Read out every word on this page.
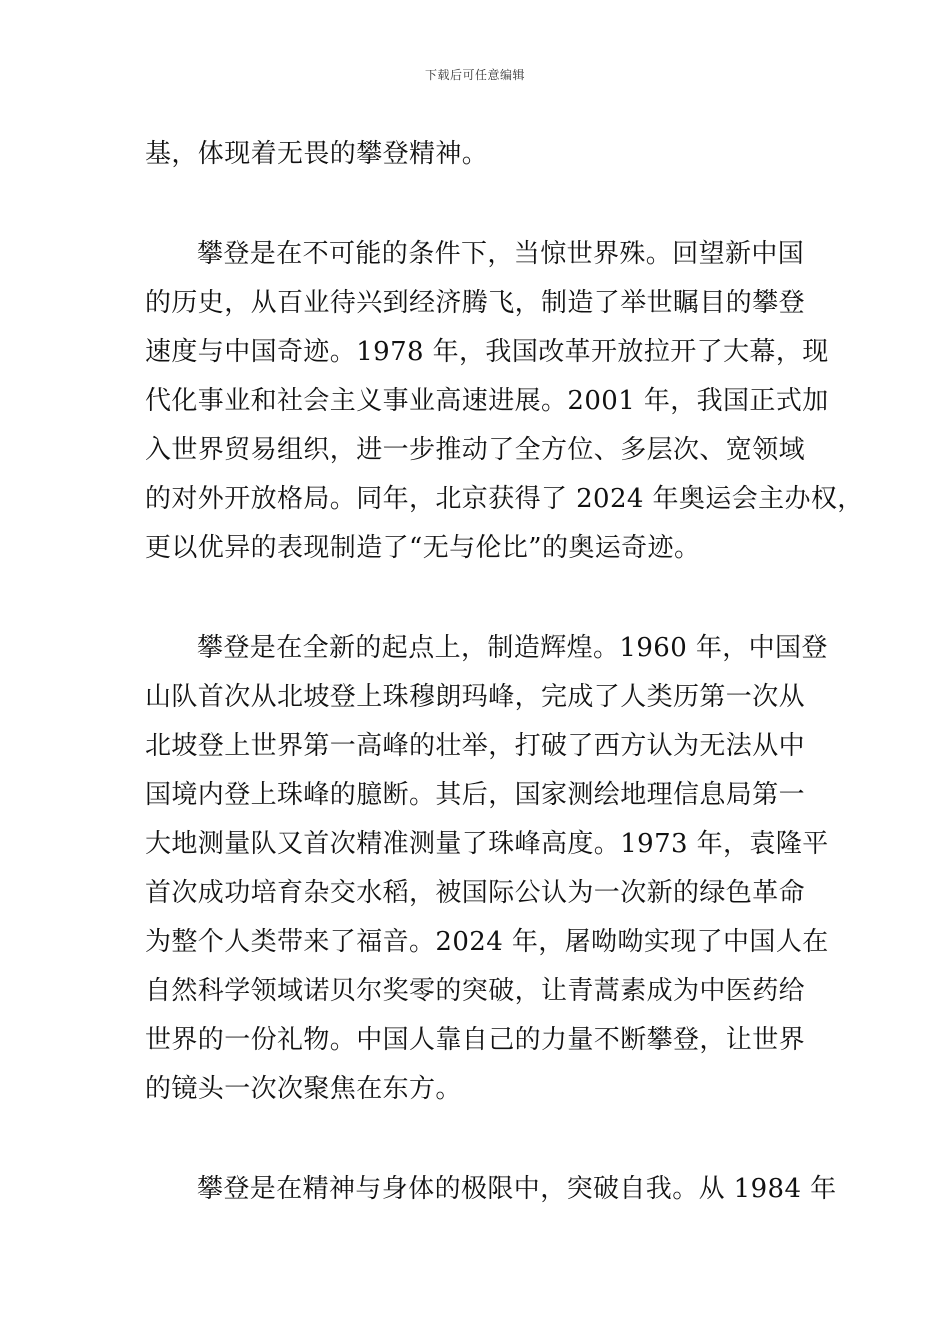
下载后可任意编辑
基，体现着无畏的攀登精神。
攀登是在不可能的条件下，当惊世界殊。回望新中国
的历史，从百业待兴到经济腾飞，制造了举世瞩目的攀登
速度与中国奇迹。1978 年，我国改革开放拉开了大幕，现
代化事业和社会主义事业高速进展。2001 年，我国正式加
入世界贸易组织，进一步推动了全方位、多层次、宽领域
的对外开放格局。同年，北京获得了 2024 年奥运会主办权，
更以优异的表现制造了“无与伦比”的奥运奇迹。
攀登是在全新的起点上，制造辉煌。1960 年，中国登
山队首次从北坡登上珠穆朗玛峰，完成了人类历第一次从
北坡登上世界第一高峰的壮举，打破了西方认为无法从中
国境内登上珠峰的臆断。其后，国家测绘地理信息局第一
大地测量队又首次精准测量了珠峰高度。1973 年，袁隆平
首次成功培育杂交水稻，被国际公认为一次新的绿色革命
为整个人类带来了福音。2024 年，屠呦呦实现了中国人在
自然科学领域诺贝尔奖零的突破，让青蒿素成为中医药给
世界的一份礼物。中国人靠自己的力量不断攀登，让世界
的镜头一次次聚焦在东方。
攀登是在精神与身体的极限中，突破自我。从 1984 年
